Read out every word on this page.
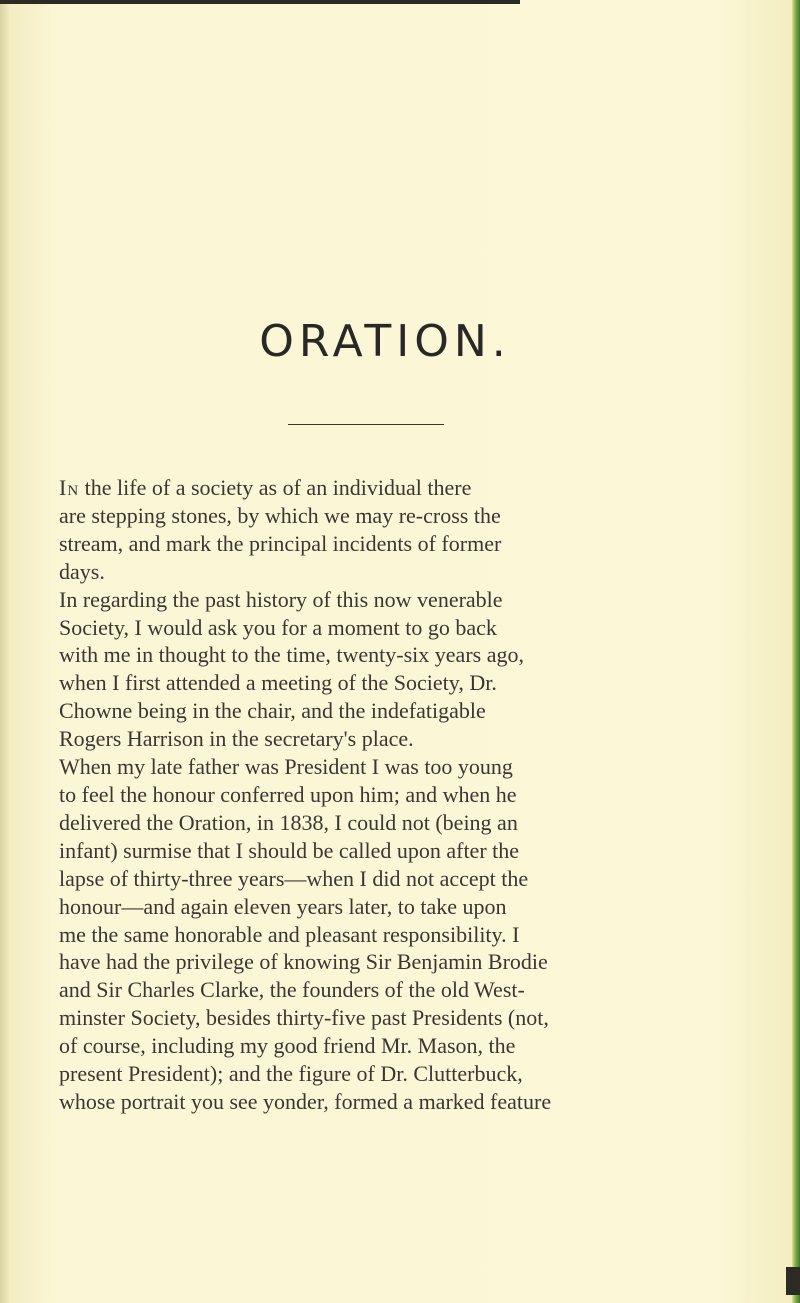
ORATION.

In the life of a society as of an individual there
are stepping stones, by which we may re-cross the
stream, and mark the principal incidents of former
days.

In regarding the past history of this now venerable
Society, I would ask you for a moment to go back
with me in thought to the time, twenty-six years ago,
when I first attended a meeting of the Society, Dr.
Chowne being in the chair, and the indefatigable
Rogers Harrison in the secretary's place.

When my late father was President I was too young
to feel the honour conferred upon him; and when he
delivered the Oration, in 1838, I could not (being an
infant) surmise that I should be called upon after the
lapse of thirty-three years—when I did not accept the
honour—and again eleven years later, to take upon
me the same honorable and pleasant responsibility. I
have had the privilege of knowing Sir Benjamin Brodie
and Sir Charles Clarke, the founders of the old West-
minster Society, besides thirty-five past Presidents (not,
of course, including my good friend Mr. Mason, the
present President); and the figure of Dr. Clutterbuck,
whose portrait you see yonder, formed a marked feature
